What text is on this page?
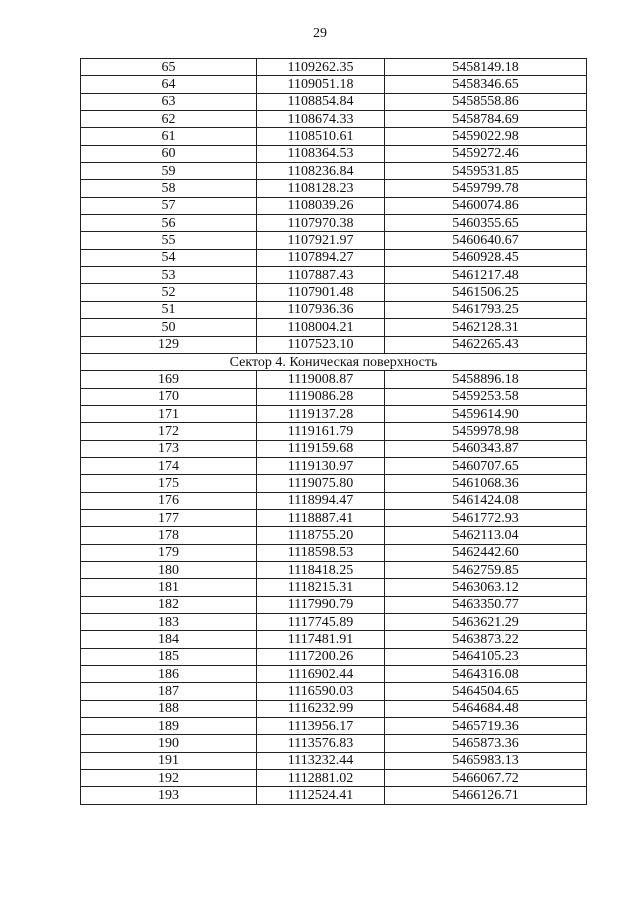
29
65	1109262.35	5458149.18
64	1109051.18	5458346.65
63	1108854.84	5458558.86
62	1108674.33	5458784.69
61	1108510.61	5459022.98
60	1108364.53	5459272.46
59	1108236.84	5459531.85
58	1108128.23	5459799.78
57	1108039.26	5460074.86
56	1107970.38	5460355.65
55	1107921.97	5460640.67
54	1107894.27	5460928.45
53	1107887.43	5461217.48
52	1107901.48	5461506.25
51	1107936.36	5461793.25
50	1108004.21	5462128.31
129	1107523.10	5462265.43
Сектор 4. Коническая поверхность		
169	1119008.87	5458896.18
170	1119086.28	5459253.58
171	1119137.28	5459614.90
172	1119161.79	5459978.98
173	1119159.68	5460343.87
174	1119130.97	5460707.65
175	1119075.80	5461068.36
176	1118994.47	5461424.08
177	1118887.41	5461772.93
178	1118755.20	5462113.04
179	1118598.53	5462442.60
180	1118418.25	5462759.85
181	1118215.31	5463063.12
182	1117990.79	5463350.77
183	1117745.89	5463621.29
184	1117481.91	5463873.22
185	1117200.26	5464105.23
186	1116902.44	5464316.08
187	1116590.03	5464504.65
188	1116232.99	5464684.48
189	1113956.17	5465719.36
190	1113576.83	5465873.36
191	1113232.44	5465983.13
192	1112881.02	5466067.72
193	1112524.41	5466126.71
